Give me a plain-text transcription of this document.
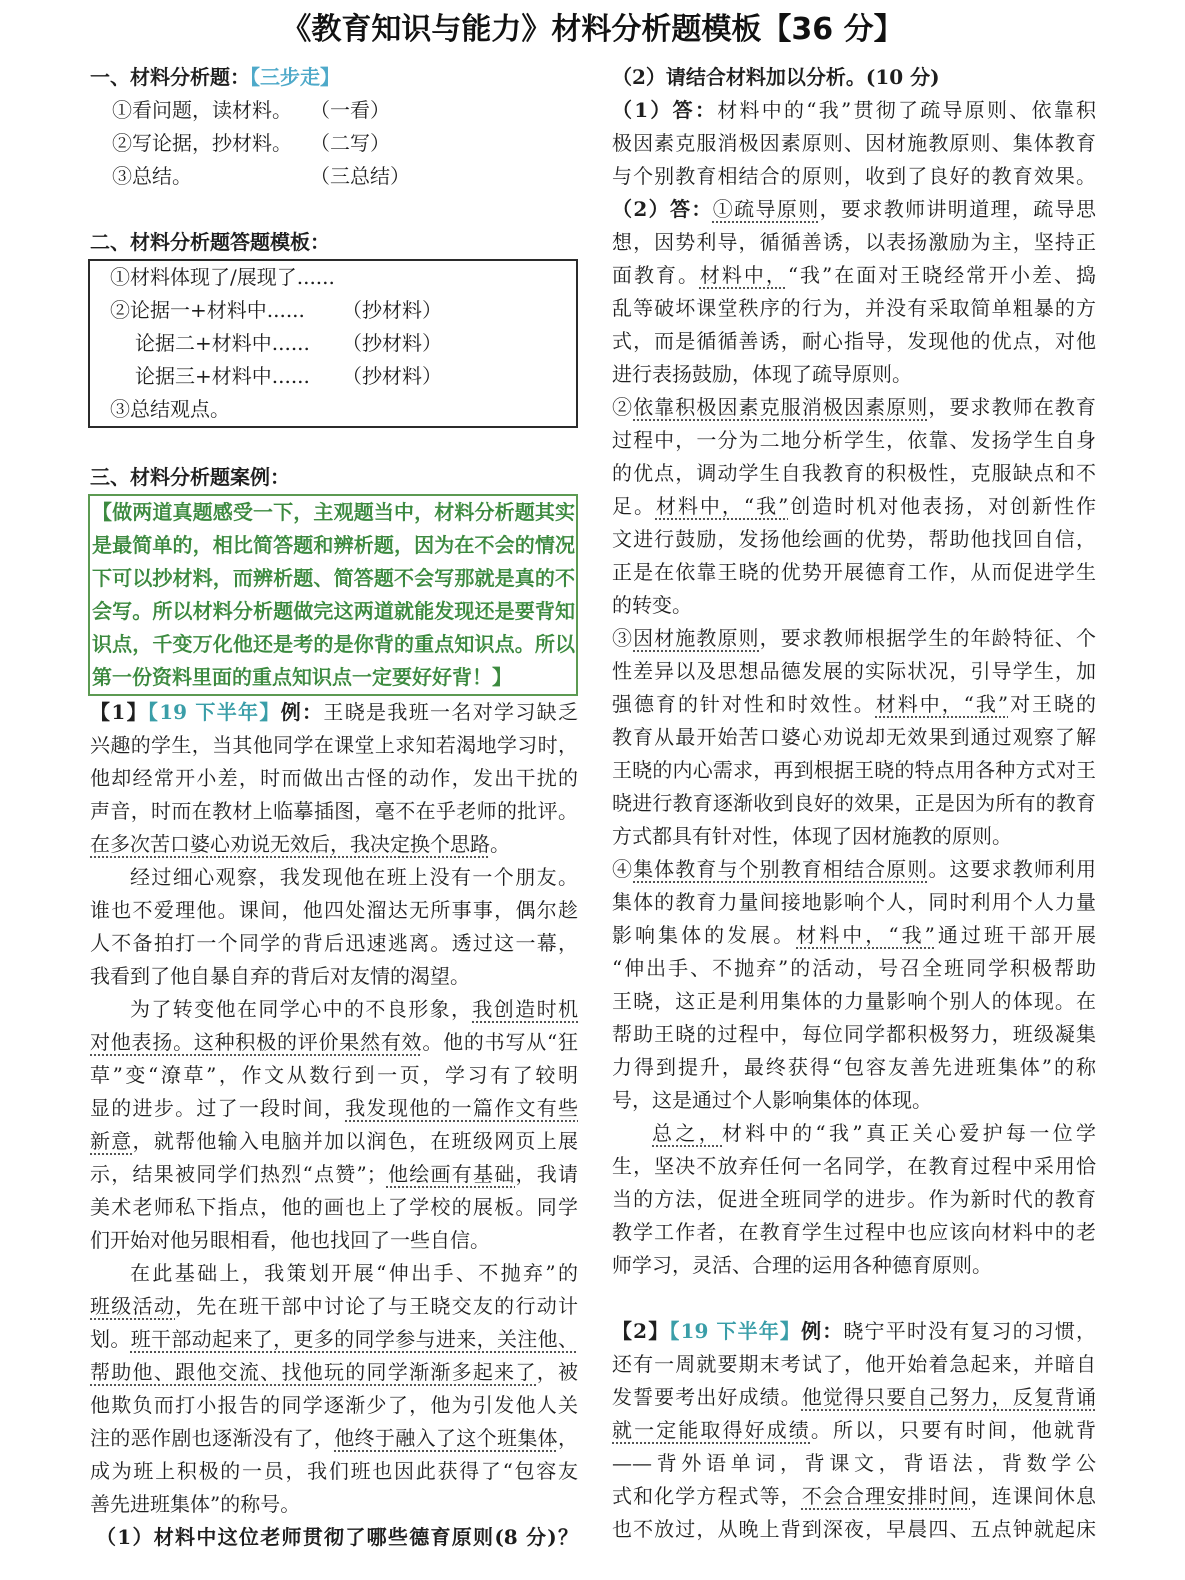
《教育知识与能力》材料分析题模板【36 分】
一、材料分析题：【三步走】
①看问题，读材料。 （一看）
②写论据，抄材料。 （二写）
③总结。	（三总结）
二、材料分析题答题模板：
①材料体现了/展现了......
②论据一+材料中...... （抄材料）
论据二+材料中...... （抄材料）
论据三+材料中...... （抄材料）
③总结观点。
三、材料分析题案例：
【做两道真题感受一下，主观题当中，材料分析题其实
是最简单的，相比简答题和辨析题，因为在不会的情况
下可以抄材料，而辨析题、简答题不会写那就是真的不
会写。所以材料分析题做完这两道就能发现还是要背知
识点，千变万化他还是考的是你背的重点知识点。所以
第一份资料里面的重点知识点一定要好好背！】
【1】【19 下半年】例：王晓是我班一名对学习缺乏
兴趣的学生，当其他同学在课堂上求知若渴地学习时，
他却经常开小差，时而做出古怪的动作，发出干扰的
声音，时而在教材上临摹插图，毫不在乎老师的批评。
在多次苦口婆心劝说无效后，我决定换个思路。
经过细心观察，我发现他在班上没有一个朋友。
谁也不爱理他。课间，他四处溜达无所事事，偶尔趁
人不备拍打一个同学的背后迅速逃离。透过这一幕，
我看到了他自暴自弃的背后对友情的渴望。
为了转变他在同学心中的不良形象，我创造时机
对他表扬。这种积极的评价果然有效。他的书写从“狂
草”变“潦草”，作文从数行到一页，学习有了较明
显的进步。过了一段时间，我发现他的一篇作文有些
新意，就帮他输入电脑并加以润色，在班级网页上展
示，结果被同学们热烈“点赞”；他绘画有基础，我请
美术老师私下指点，他的画也上了学校的展板。同学
们开始对他另眼相看，他也找回了一些自信。
在此基础上，我策划开展“伸出手、不抛弃”的
班级活动，先在班干部中讨论了与王晓交友的行动计
划。班干部动起来了，更多的同学参与进来，关注他、
帮助他、跟他交流、找他玩的同学渐渐多起来了，被
他欺负而打小报告的同学逐渐少了，他为引发他人关
注的恶作剧也逐渐没有了，他终于融入了这个班集体，
成为班上积极的一员，我们班也因此获得了“包容友
善先进班集体”的称号。
（1）材料中这位老师贯彻了哪些德育原则(8 分)？
（2）请结合材料加以分析。(10 分)
（1）答：材料中的“我”贯彻了疏导原则、依靠积
极因素克服消极因素原则、因材施教原则、集体教育
与个别教育相结合的原则，收到了良好的教育效果。
（2）答：①疏导原则，要求教师讲明道理，疏导思
想，因势利导，循循善诱，以表扬激励为主，坚持正
面教育。材料中，“我”在面对王晓经常开小差、捣
乱等破坏课堂秩序的行为，并没有采取简单粗暴的方
式，而是循循善诱，耐心指导，发现他的优点，对他
进行表扬鼓励，体现了疏导原则。
②依靠积极因素克服消极因素原则，要求教师在教育
过程中，一分为二地分析学生，依靠、发扬学生自身
的优点，调动学生自我教育的积极性，克服缺点和不
足。材料中，“我”创造时机对他表扬，对创新性作
文进行鼓励，发扬他绘画的优势，帮助他找回自信，
正是在依靠王晓的优势开展德育工作，从而促进学生
的转变。
③因材施教原则，要求教师根据学生的年龄特征、个
性差异以及思想品德发展的实际状况，引导学生，加
强德育的针对性和时效性。材料中，“我”对王晓的
教育从最开始苦口婆心劝说却无效果到通过观察了解
王晓的内心需求，再到根据王晓的特点用各种方式对王
晓进行教育逐渐收到良好的效果，正是因为所有的教育
方式都具有针对性，体现了因材施教的原则。
④集体教育与个别教育相结合原则。这要求教师利用
集体的教育力量间接地影响个人，同时利用个人力量
影响集体的发展。材料中，“我”通过班干部开展
“伸出手、不抛弃”的活动，号召全班同学积极帮助
王晓，这正是利用集体的力量影响个别人的体现。在
帮助王晓的过程中，每位同学都积极努力，班级凝集
力得到提升，最终获得“包容友善先进班集体”的称
号，这是通过个人影响集体的体现。
总之，材料中的“我”真正关心爱护每一位学
生，坚决不放弃任何一名同学，在教育过程中采用恰
当的方法，促进全班同学的进步。作为新时代的教育
教学工作者，在教育学生过程中也应该向材料中的老
师学习，灵活、合理的运用各种德育原则。
【2】【19 下半年】例：晓宁平时没有复习的习惯，
还有一周就要期末考试了，他开始着急起来，并暗自
发誓要考出好成绩。他觉得只要自己努力，反复背诵
就一定能取得好成绩。所以，只要有时间，他就背
——背外语单词，背课文，背语法，背数学公
式和化学方程式等，不会合理安排时间，连课间休息
也不放过，从晚上背到深夜，早晨四、五点钟就起床
